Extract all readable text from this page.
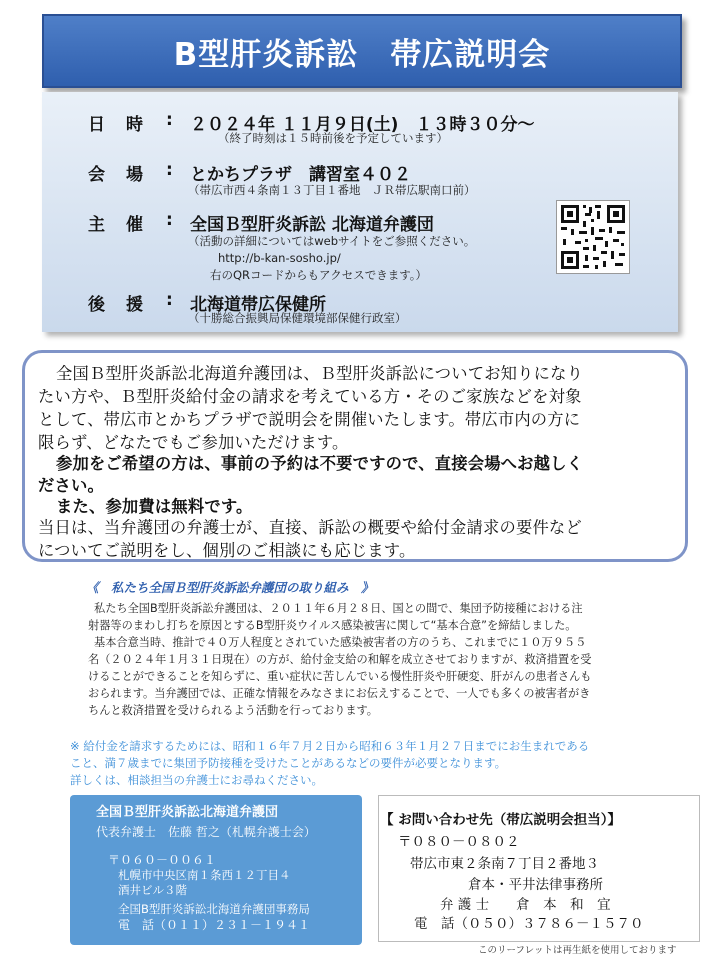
B型肝炎訴訟　帯広説明会
日　時 : ２０２４年 １１月９日(土)　１３時３０分～
（終了時刻は１５時前後を予定しています）
会　場 : とかちプラザ　講習室４０２
（帯広市西４条南１３丁目１番地　ＪＲ帯広駅南口前）
主　催 : 全国Ｂ型肝炎訴訟 北海道弁護団
（活動の詳細についてはwebサイトをご参照ください。
http://b-kan-sosho.jp/
右のQRコードからもアクセスできます。）
後　援 : 北海道帯広保健所
（十勝総合振興局保健環境部保健行政室）
全国Ｂ型肝炎訴訟北海道弁護団は、Ｂ型肝炎訴訟についてお知りになり
たい方や、Ｂ型肝炎給付金の請求を考えている方・そのご家族などを対象
として、帯広市とかちプラザで説明会を開催いたします。帯広市内の方に
限らず、どなたでもご参加いただけます。
参加をご希望の方は、事前の予約は不要ですので、直接会場へお越しく
ださい。
また、参加費は無料です。
当日は、当弁護団の弁護士が、直接、訴訟の概要や給付金請求の要件など
についてご説明をし、個別のご相談にも応じます。
《　私たち全国Ｂ型肝炎訴訟弁護団の取り組み　》
私たち全国B型肝炎訴訟弁護団は、２０１１年６月２８日、国との間で、集団予防接種における注
射器等のまわし打ちを原因とするB型肝炎ウイルス感染被害に関して“基本合意”を締結しました。
基本合意当時、推計で４０万人程度とされていた感染被害者の方のうち、これまでに１０万９５５
名（２０２４年１月３１日現在）の方が、給付金支給の和解を成立させておりますが、救済措置を受
けることができることを知らずに、重い症状に苦しんでいる慢性肝炎や肝硬変、肝がんの患者さんも
おられます。当弁護団では、正確な情報をみなさまにお伝えすることで、一人でも多くの被害者がき
ちんと救済措置を受けられるよう活動を行っております。
※ 給付金を請求するためには、昭和１６年７月２日から昭和６３年１月２７日までにお生まれである
こと、満７歳までに集団予防接種を受けたことがあるなどの要件が必要となります。
詳しくは、相談担当の弁護士にお尋ねください。
全国Ｂ型肝炎訴訟北海道弁護団
代表弁護士　佐藤 哲之（札幌弁護士会）
〒０６０－００６１
札幌市中央区南１条西１２丁目４
酒井ビル３階
全国B型肝炎訴訟北海道弁護団事務局
電　話（０１１）２３１－１９４１
【 お問い合わせ先（帯広説明会担当）】
〒０８０－０８０２
帯広市東２条南７丁目２番地３
倉本・平井法律事務所
弁 護 士　　倉　本　和　宜
電　話（０５０）３７８６－１５７０
このリーフレットは再生紙を使用しております
